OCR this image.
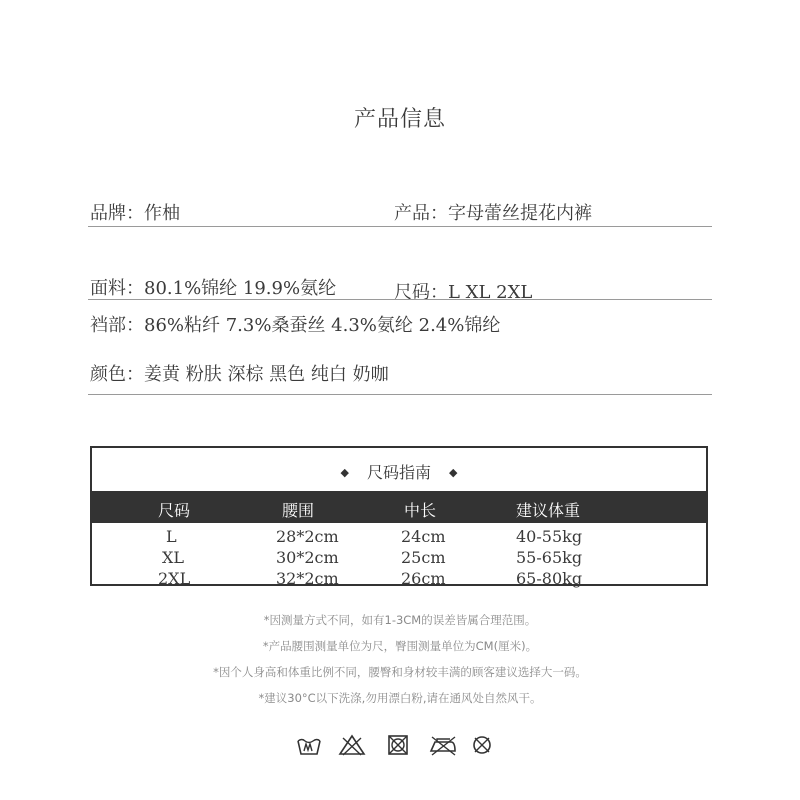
产品信息
品牌：作柚	产品：字母蕾丝提花内裤
面料：80.1%锦纶 19.9%氨纶	尺码：L XL 2XL
裆部：86%粘纤 7.3%桑蚕丝 4.3%氨纶 2.4%锦纶
颜色：姜黄 粉肤 深棕 黑色 纯白 奶咖
◆ 尺码指南 ◆
尺码	腰围	中长	建议体重
L	28*2cm	24cm	40-55kg
XL	30*2cm	25cm	55-65kg
2XL	32*2cm	26cm	65-80kg
*因测量方式不同，如有1-3CM的误差皆属合理范围。
*产品腰围测量单位为尺，臀围测量单位为CM(厘米)。
*因个人身高和体重比例不同，腰臀和身材较丰满的顾客建议选择大一码。
*建议30°C以下洗涤,勿用漂白粉,请在通风处自然风干。
